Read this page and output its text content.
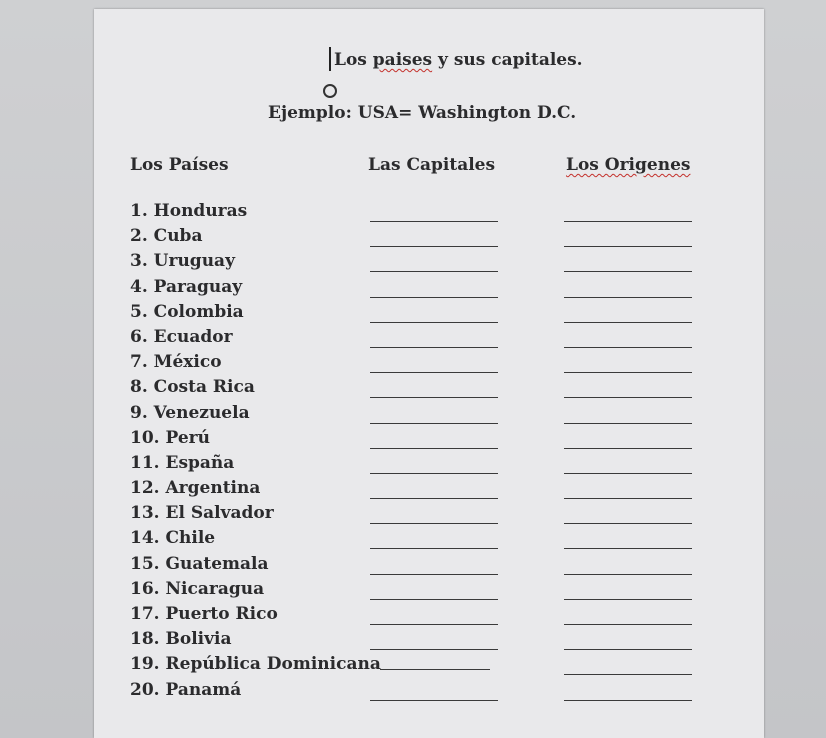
Los paises y sus capitales.
Ejemplo: USA= Washington D.C.
Los Países	Las Capitales	Los Origenes
1. Honduras
2. Cuba
3. Uruguay
4. Paraguay
5. Colombia
6. Ecuador
7. México
8. Costa Rica
9. Venezuela
10. Perú
11. España
12. Argentina
13. El Salvador
14. Chile
15. Guatemala
16. Nicaragua
17. Puerto Rico
18. Bolivia
19. República Dominicana
20. Panamá
